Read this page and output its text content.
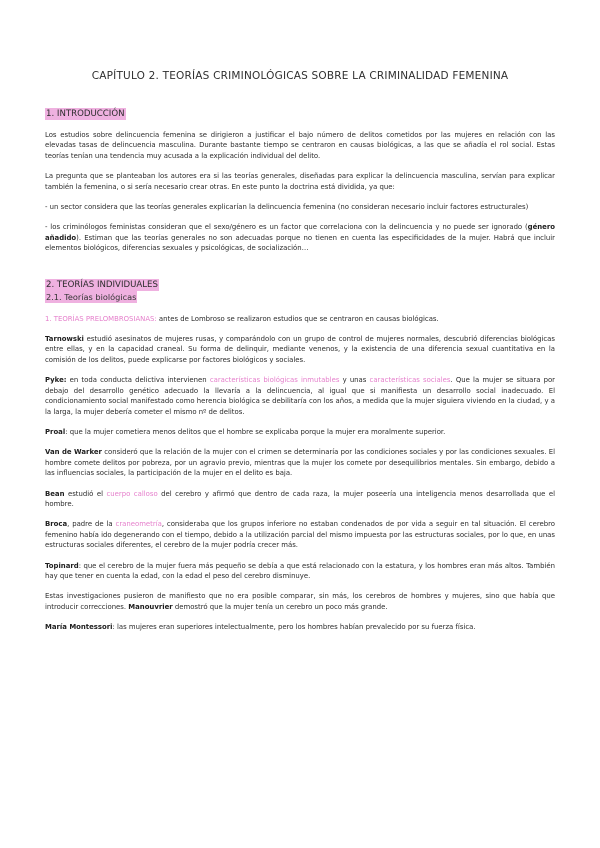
CAPÍTULO 2. TEORÍAS CRIMINOLÓGICAS SOBRE LA CRIMINALIDAD FEMENINA
1. INTRODUCCIÓN

Los estudios sobre delincuencia femenina se dirigieron a justificar el bajo número de delitos cometidos por las mujeres en relación con las elevadas tasas de delincuencia masculina. Durante bastante tiempo se centraron en causas biológicas, a las que se añadía el rol social. Estas teorías tenían una tendencia muy acusada a la explicación individual del delito.

La pregunta que se planteaban los autores era si las teorías generales, diseñadas para explicar la delincuencia masculina, servían para explicar también la femenina, o si sería necesario crear otras. En este punto la doctrina está dividida, ya que:

- un sector considera que las teorías generales explicarían la delincuencia femenina (no consideran necesario incluir factores estructurales)

- los criminólogos feministas consideran que el sexo/género es un factor que correlaciona con la delincuencia y no puede ser ignorado (género añadido). Estiman que las teorías generales no son adecuadas porque no tienen en cuenta las especificidades de la mujer. Habrá que incluir elementos biológicos, diferencias sexuales y psicológicas, de socialización…

2. TEORÍAS INDIVIDUALES
2.1. Teorías biológicas

1. TEORÍAS PRELOMBROSIANAS: antes de Lombroso se realizaron estudios que se centraron en causas biológicas.

Tarnowski estudió asesinatos de mujeres rusas, y comparándolo con un grupo de control de mujeres normales, descubrió diferencias biológicas entre ellas, y en la capacidad craneal. Su forma de delinquir, mediante venenos, y la existencia de una diferencia sexual cuantitativa en la comisión de los delitos, puede explicarse por factores biológicos y sociales.

Pyke: en toda conducta delictiva intervienen características biológicas inmutables y unas características sociales. Que la mujer se situara por debajo del desarrollo genético adecuado la llevaría a la delincuencia, al igual que si manifiesta un desarrollo social inadecuado. El condicionamiento social manifestado como herencia biológica se debilitaría con los años, a medida que la mujer siguiera viviendo en la ciudad, y a la larga, la mujer debería cometer el mismo nº de delitos.

Proal: que la mujer cometiera menos delitos que el hombre se explicaba porque la mujer era moralmente superior.

Van de Warker consideró que la relación de la mujer con el crimen se determinaría por las condiciones sociales y por las condiciones sexuales. El hombre comete delitos por pobreza, por un agravio previo, mientras que la mujer los comete por desequilibrios mentales. Sin embargo, debido a las influencias sociales, la participación de la mujer en el delito es baja.

Bean estudió el cuerpo calloso del cerebro y afirmó que dentro de cada raza, la mujer poseería una inteligencia menos desarrollada que el hombre.

Broca, padre de la craneometría, consideraba que los grupos inferiore no estaban condenados de por vida a seguir en tal situación. El cerebro femenino había ido degenerando con el tiempo, debido a la utilización parcial del mismo impuesta por las estructuras sociales, por lo que, en unas estructuras sociales diferentes, el cerebro de la mujer podría crecer más.

Topinard: que el cerebro de la mujer fuera más pequeño se debía a que está relacionado con la estatura, y los hombres eran más altos. También hay que tener en cuenta la edad, con la edad el peso del cerebro disminuye.

Estas investigaciones pusieron de manifiesto que no era posible comparar, sin más, los cerebros de hombres y mujeres, sino que había que introducir correcciones. Manouvrier demostró que la mujer tenía un cerebro un poco más grande.

María Montessori: las mujeres eran superiores intelectualmente, pero los hombres habían prevalecido por su fuerza física.
